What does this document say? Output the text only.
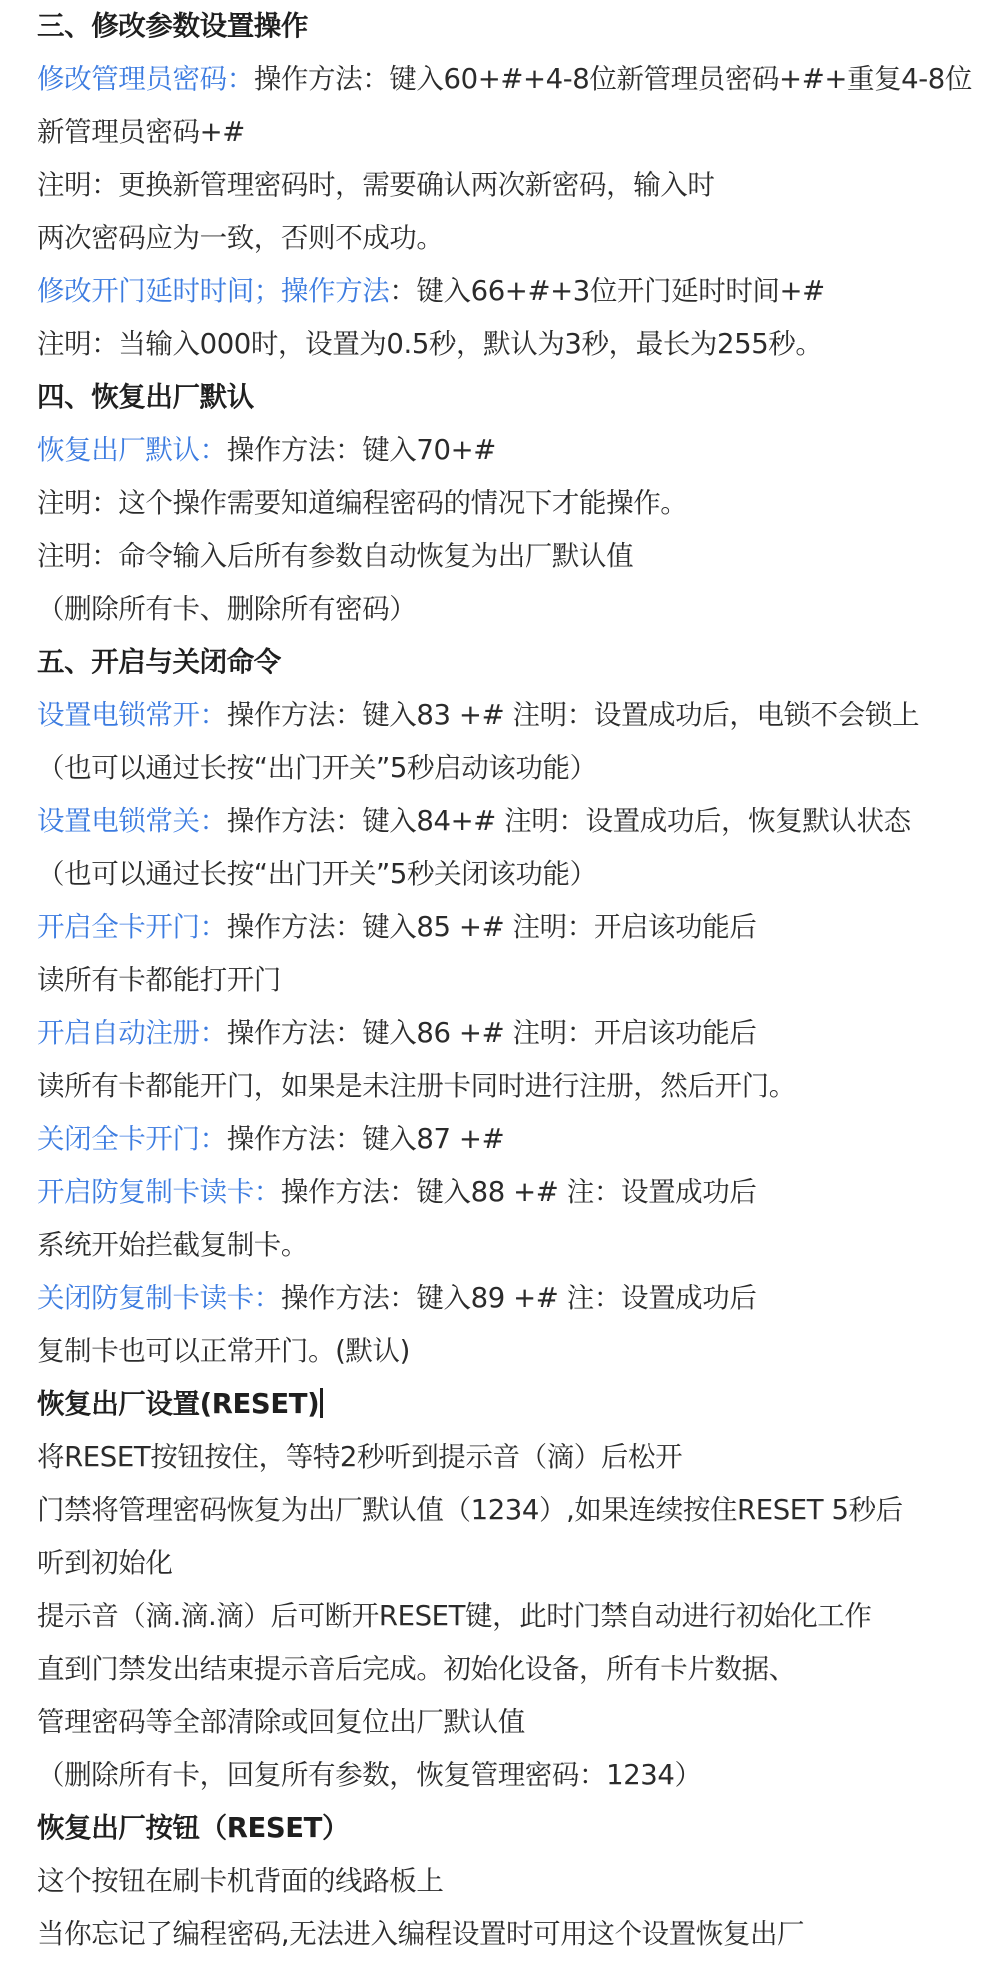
三、修改参数设置操作
修改管理员密码：操作方法：键入60+#+4-8位新管理员密码+#+重复4-8位
新管理员密码+#
注明：更换新管理密码时，需要确认两次新密码，输入时
两次密码应为一致，否则不成功。
修改开门延时时间；操作方法：键入66+#+3位开门延时时间+#
注明：当输入000时，设置为0.5秒，默认为3秒，最长为255秒。
四、恢复出厂默认
恢复出厂默认：操作方法：键入70+#
注明：这个操作需要知道编程密码的情况下才能操作。
注明：命令输入后所有参数自动恢复为出厂默认值
（删除所有卡、删除所有密码）
五、开启与关闭命令
设置电锁常开：操作方法：键入83 +# 注明：设置成功后，电锁不会锁上
（也可以通过长按“出门开关”5秒启动该功能）
设置电锁常关：操作方法：键入84+# 注明：设置成功后，恢复默认状态
（也可以通过长按“出门开关”5秒关闭该功能）
开启全卡开门：操作方法：键入85 +# 注明：开启该功能后
读所有卡都能打开门
开启自动注册：操作方法：键入86 +# 注明：开启该功能后
读所有卡都能开门，如果是未注册卡同时进行注册，然后开门。
关闭全卡开门：操作方法：键入87 +#
开启防复制卡读卡：操作方法：键入88 +# 注：设置成功后
系统开始拦截复制卡。
关闭防复制卡读卡：操作方法：键入89 +# 注：设置成功后
复制卡也可以正常开门。(默认)
恢复出厂设置(RESET)
将RESET按钮按住，等特2秒听到提示音（滴）后松开
门禁将管理密码恢复为出厂默认值（1234）,如果连续按住RESET 5秒后
听到初始化
提示音（滴.滴.滴）后可断开RESET键，此时门禁自动进行初始化工作
直到门禁发出结束提示音后完成。初始化设备，所有卡片数据、
管理密码等全部清除或回复位出厂默认值
（删除所有卡，回复所有参数，恢复管理密码：1234）
恢复出厂按钮（RESET）
这个按钮在刷卡机背面的线路板上
当你忘记了编程密码,无法进入编程设置时可用这个设置恢复出厂
